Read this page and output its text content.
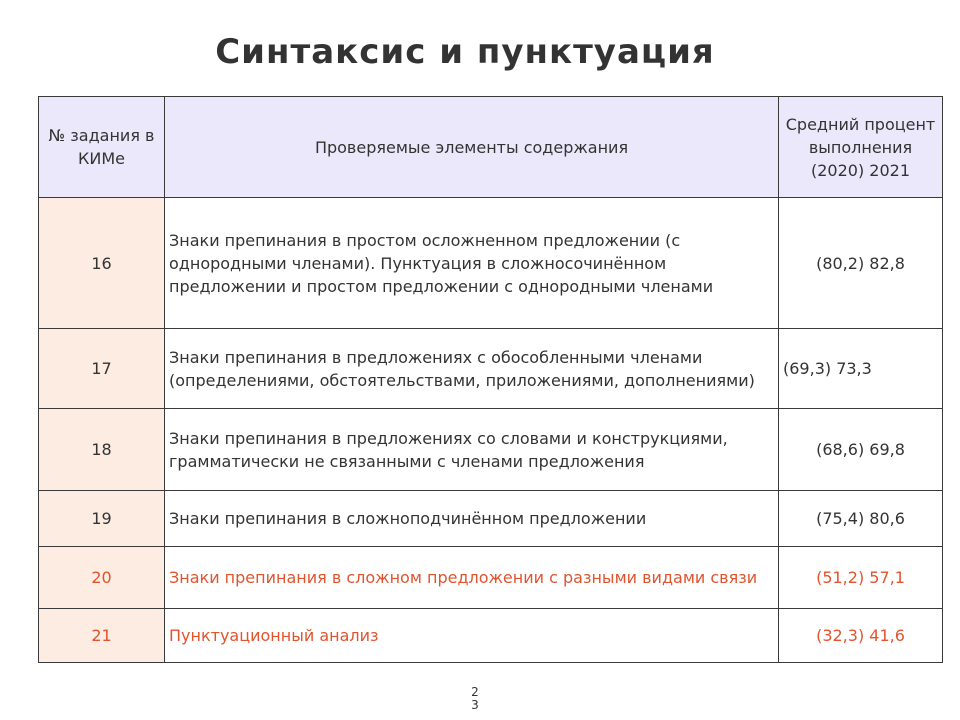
Синтаксис и пунктуация
№ задания в КИМе	Проверяемые элементы содержания	Средний процент выполнения (2020) 2021
16	Знаки препинания в простом осложненном предложении (с однородными членами). Пунктуация в сложносочинённом предложении и простом предложении с однородными членами	(80,2) 82,8
17	Знаки препинания в предложениях с обособленными членами (определениями, обстоятельствами, приложениями, дополнениями)	(69,3) 73,3
18	Знаки препинания в предложениях со словами и конструкциями, грамматически не связанными с членами предложения	(68,6) 69,8
19	Знаки препинания в сложноподчинённом предложении	(75,4) 80,6
20	Знаки препинания в сложном предложении с разными видами связи	(51,2) 57,1
21	Пунктуационный анализ	(32,3) 41,6
2
3
